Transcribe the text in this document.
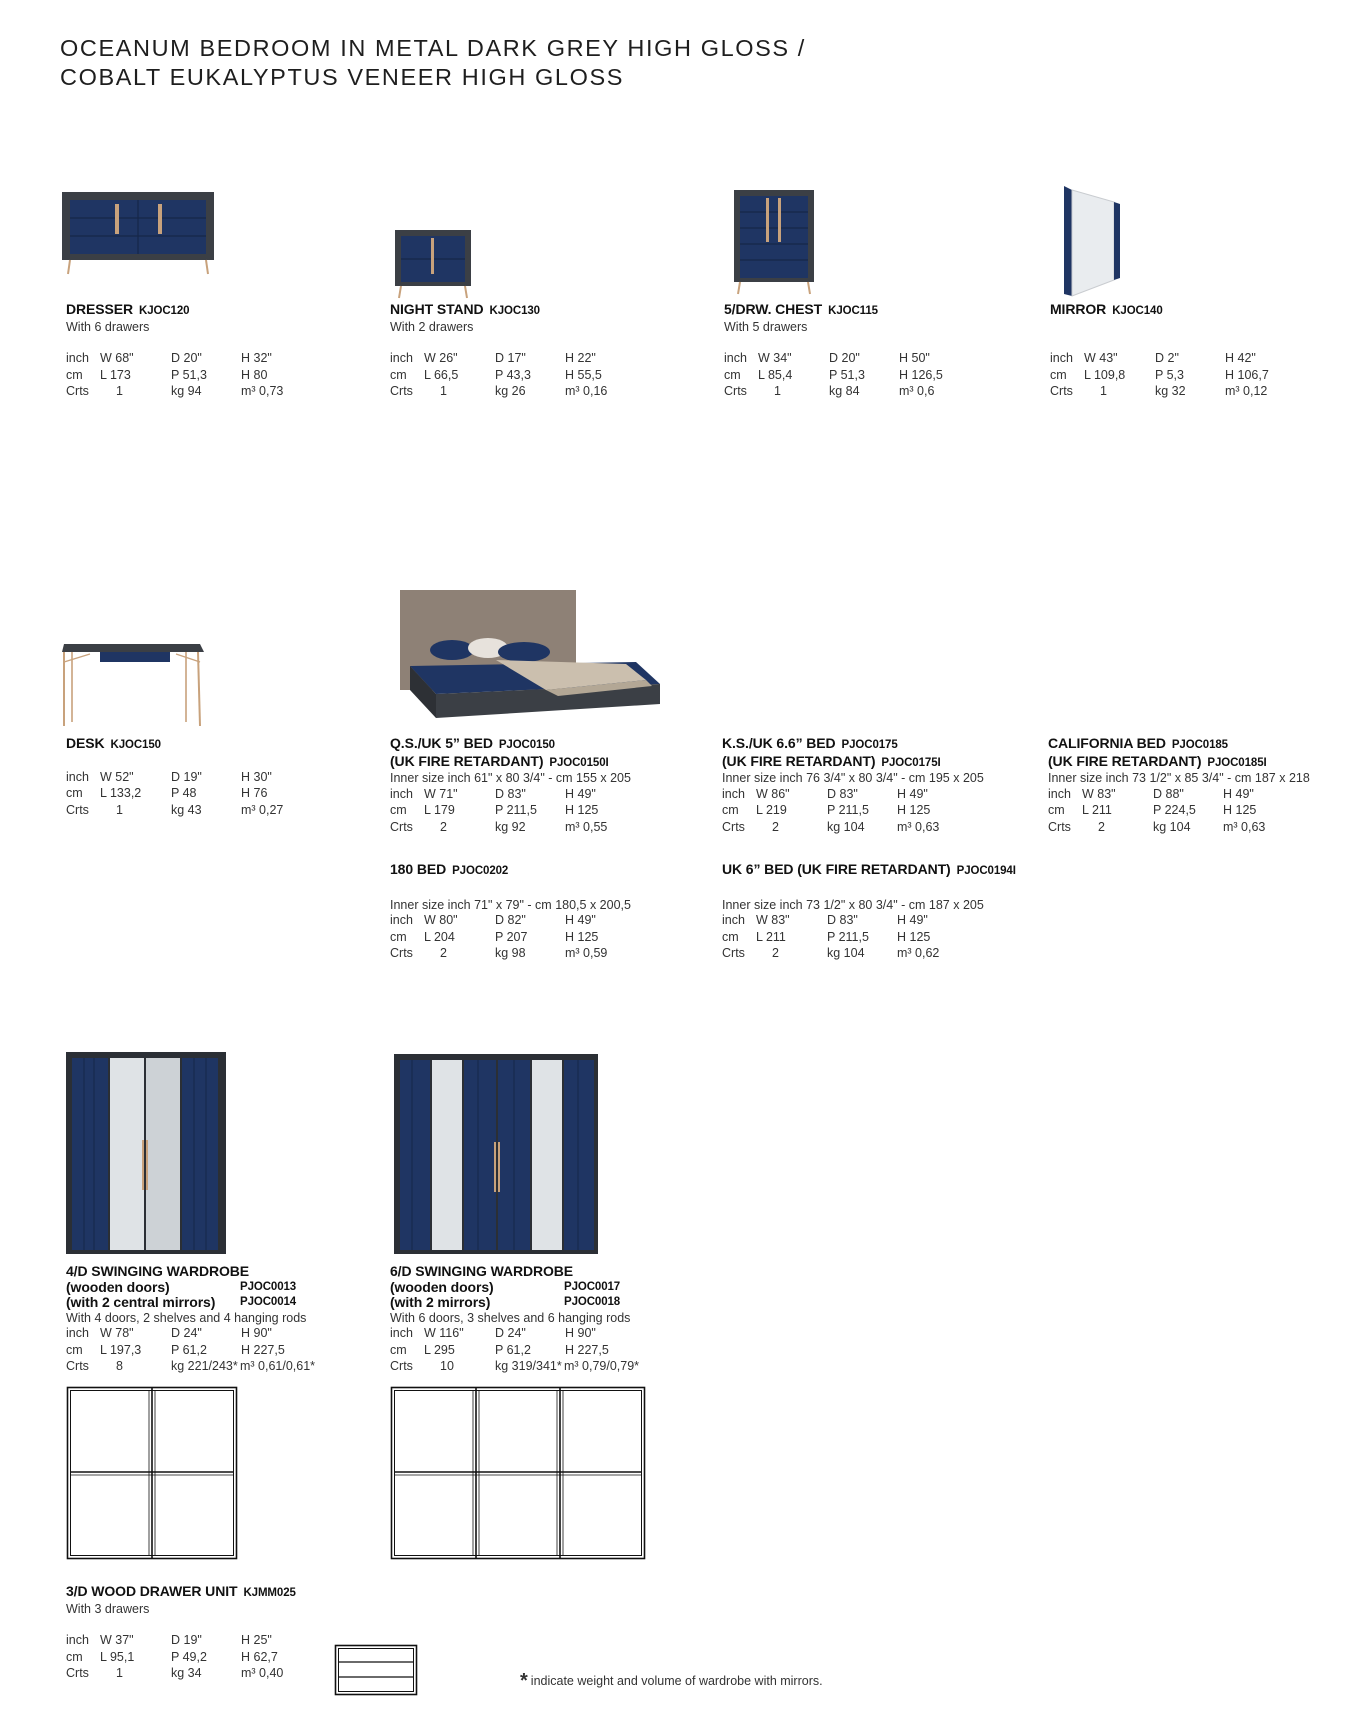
OCEANUM BEDROOM IN METAL DARK GREY HIGH GLOSS /
COBALT EUKALYPTUS VENEER HIGH GLOSS
DRESSER KJOC120
With 6 drawers
inch W 68"	D 20"	H 32"
cm L 173	P 51,3	H 80
Crts 1	kg 94	m³ 0,73
NIGHT STAND KJOC130
With 2 drawers
inch W 26"	D 17"	H 22"
cm L 66,5	P 43,3	H 55,5
Crts 1	kg 26	m³ 0,16
5/DRW. CHEST KJOC115
With 5 drawers
inch W 34"	D 20"	H 50"
cm L 85,4	P 51,3	H 126,5
Crts 1	kg 84	m³ 0,6
MIRROR KJOC140

inch W 43"	D 2"	H 42"
cm L 109,8 P 5,3	H 106,7
Crts 1	kg 32	m³ 0,12
DESK KJOC150
inch W 52"	D 19"	H 30"
cm L 133,2 P 48	H 76
Crts 1	kg 43	m³ 0,27
Q.S./UK 5” BED PJOC0150
(UK FIRE RETARDANT) PJOC0150I
Inner size inch 61" x 80 3/4" - cm 155 x 205
inch W 71"	D 83"	H 49"
cm L 179	P 211,5 H 125
Crts 2	kg 92	m³ 0,55
K.S./UK 6.6” BED PJOC0175
(UK FIRE RETARDANT) PJOC0175I
Inner size inch 76 3/4" x 80 3/4" - cm 195 x 205
inch W 86"	D 83"	H 49"
cm L 219	P 211,5 H 125
Crts 2	kg 104	m³ 0,63
CALIFORNIA BED PJOC0185
(UK FIRE RETARDANT) PJOC0185I
Inner size inch 73 1/2" x 85 3/4" - cm 187 x 218
inch W 83"	D 88"	H 49"
cm L 211	P 224,5 H 125
Crts 2	kg 104	m³ 0,63
180 BED PJOC0202
Inner size inch 71" x 79" - cm 180,5 x 200,5
inch W 80"	D 82"	H 49"
cm L 204	P 207	H 125
Crts 2	kg 98	m³ 0,59
UK 6” BED (UK FIRE RETARDANT) PJOC0194I
Inner size inch 73 1/2" x 80 3/4" - cm 187 x 205
inch W 83"	D 83"	H 49"
cm L 211	P 211,5 H 125
Crts 2	kg 104	m³ 0,62
4/D SWINGING WARDROBE
(wooden doors)	PJOC0013
(with 2 central mirrors) PJOC0014
With 4 doors, 2 shelves and 4 hanging rods
inch W 78"	D 24"	H 90"
cm L 197,3 P 61,2	H 227,5
Crts 8	kg 221/243* m³ 0,61/0,61*
6/D SWINGING WARDROBE
(wooden doors)	PJOC0017
(with 2 mirrors)	PJOC0018
With 6 doors, 3 shelves and 6 hanging rods
inch W 116"	D 24"	H 90"
cm L 295	P 61,2	H 227,5
Crts 10	kg 319/341* m³ 0,79/0,79*
3/D WOOD DRAWER UNIT KJMM025
With 3 drawers
inch W 37"	D 19"	H 25"
cm L 95,1	P 49,2	H 62,7
Crts 1	kg 34	m³ 0,40	* indicate weight and volume of wardrobe with mirrors.
